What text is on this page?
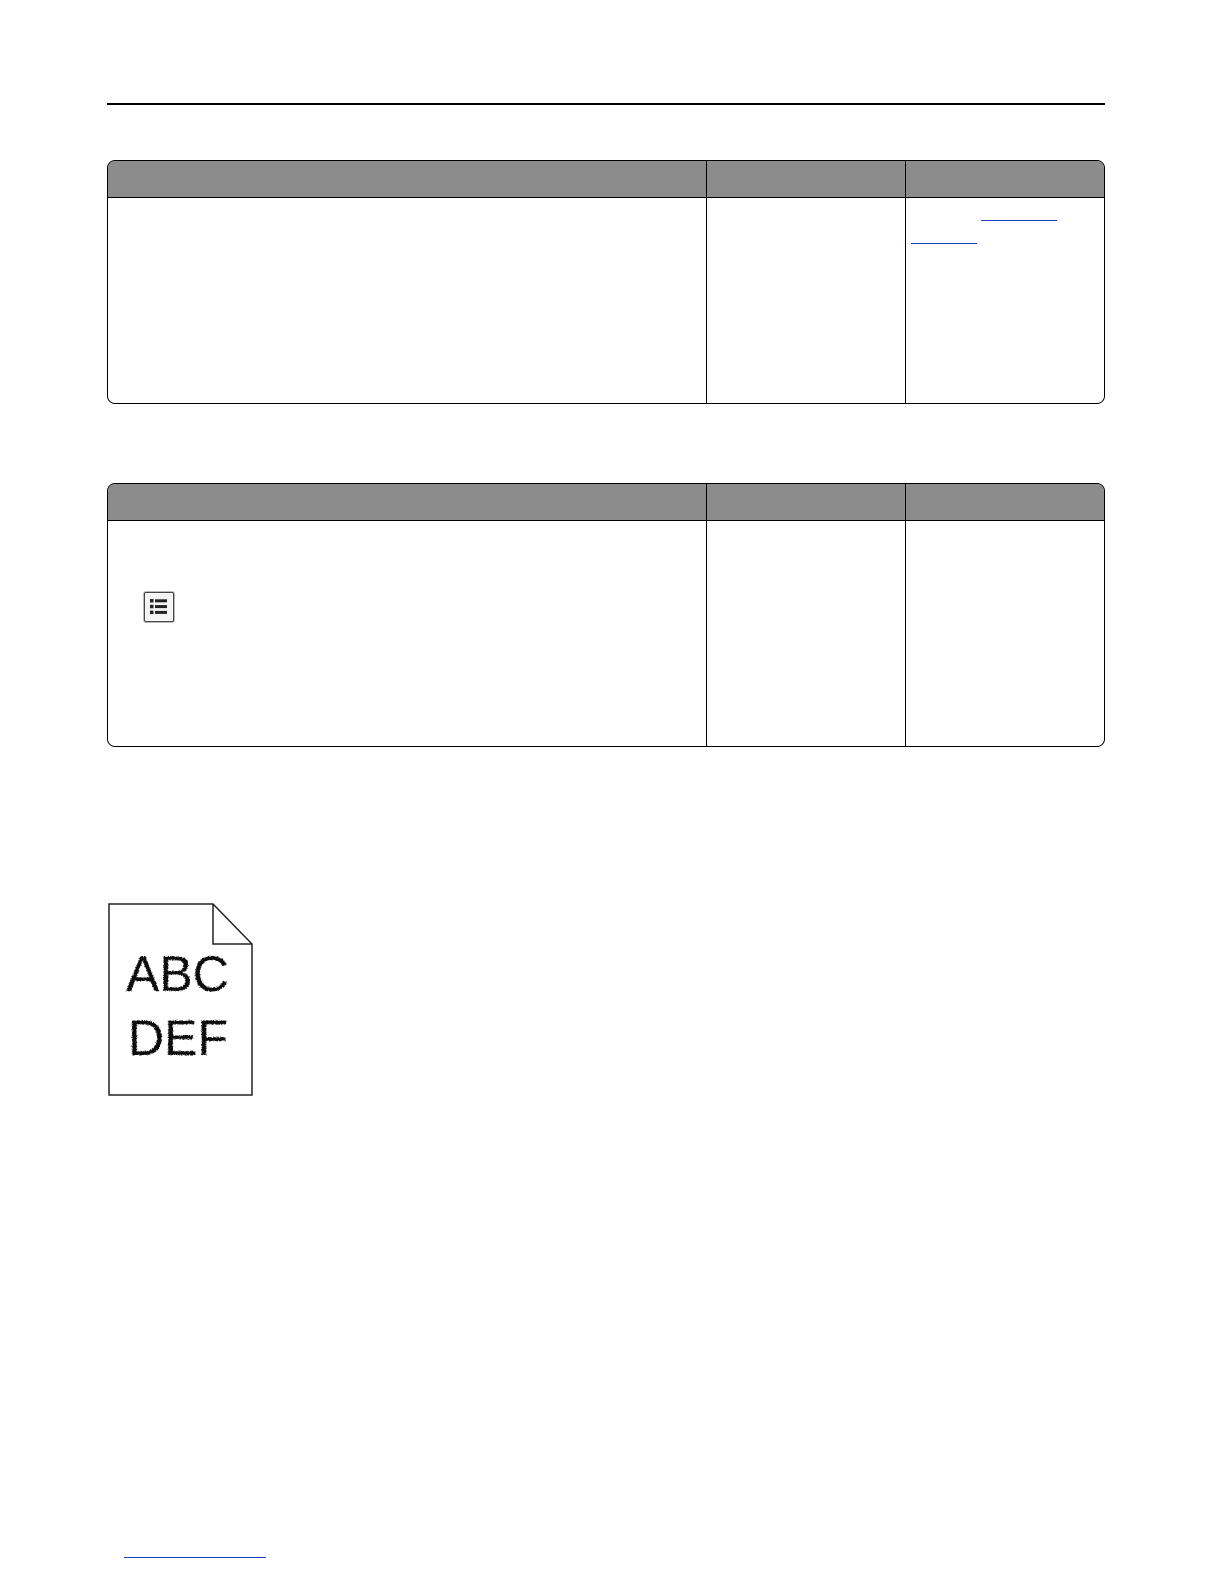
ABC
DEF
